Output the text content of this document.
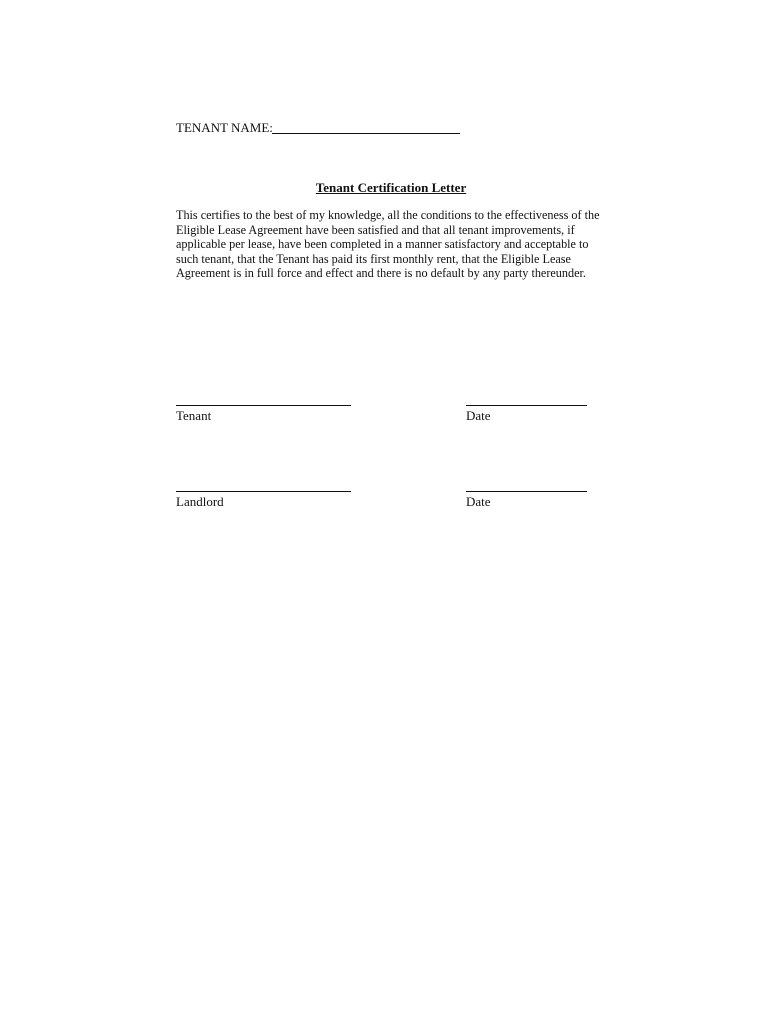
TENANT NAME:
Tenant Certification Letter

This certifies to the best of my knowledge, all the conditions to the effectiveness of the
Eligible Lease Agreement have been satisfied and that all tenant improvements, if
applicable per lease, have been completed in a manner satisfactory and acceptable to
such tenant, that the Tenant has paid its first monthly rent, that the Eligible Lease
Agreement is in full force and effect and there is no default by any party thereunder.

Tenant	Date
Landlord	Date
